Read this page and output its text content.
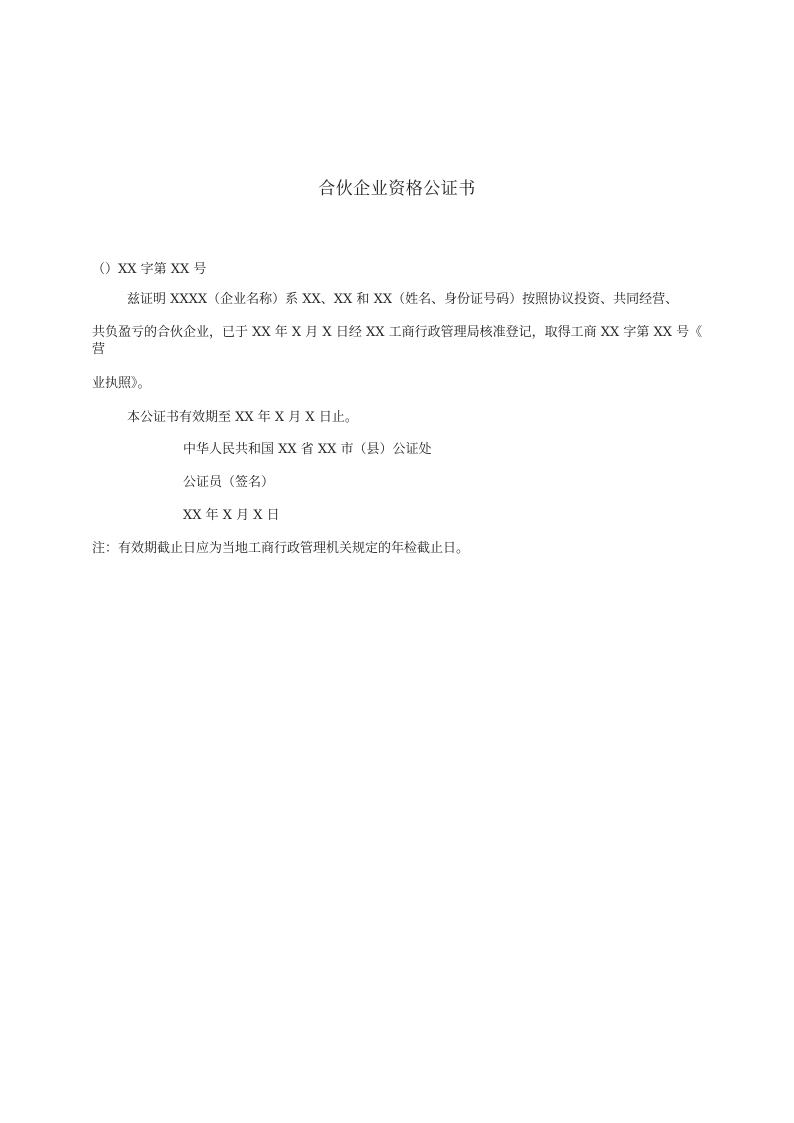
合伙企业资格公证书
（）XX 字第 XX 号
兹证明 XXXX（企业名称）系 XX、XX 和 XX（姓名、身份证号码）按照协议投资、共同经营、
共负盈亏的合伙企业，已于 XX 年 X 月 X 日经 XX 工商行政管理局核准登记，取得工商 XX 字第 XX 号《
营
业执照》。
本公证书有效期至 XX 年 X 月 X 日止。
中华人民共和国 XX 省 XX 市（县）公证处
公证员（签名）
XX 年 X 月 X 日
注：有效期截止日应为当地工商行政管理机关规定的年检截止日。
